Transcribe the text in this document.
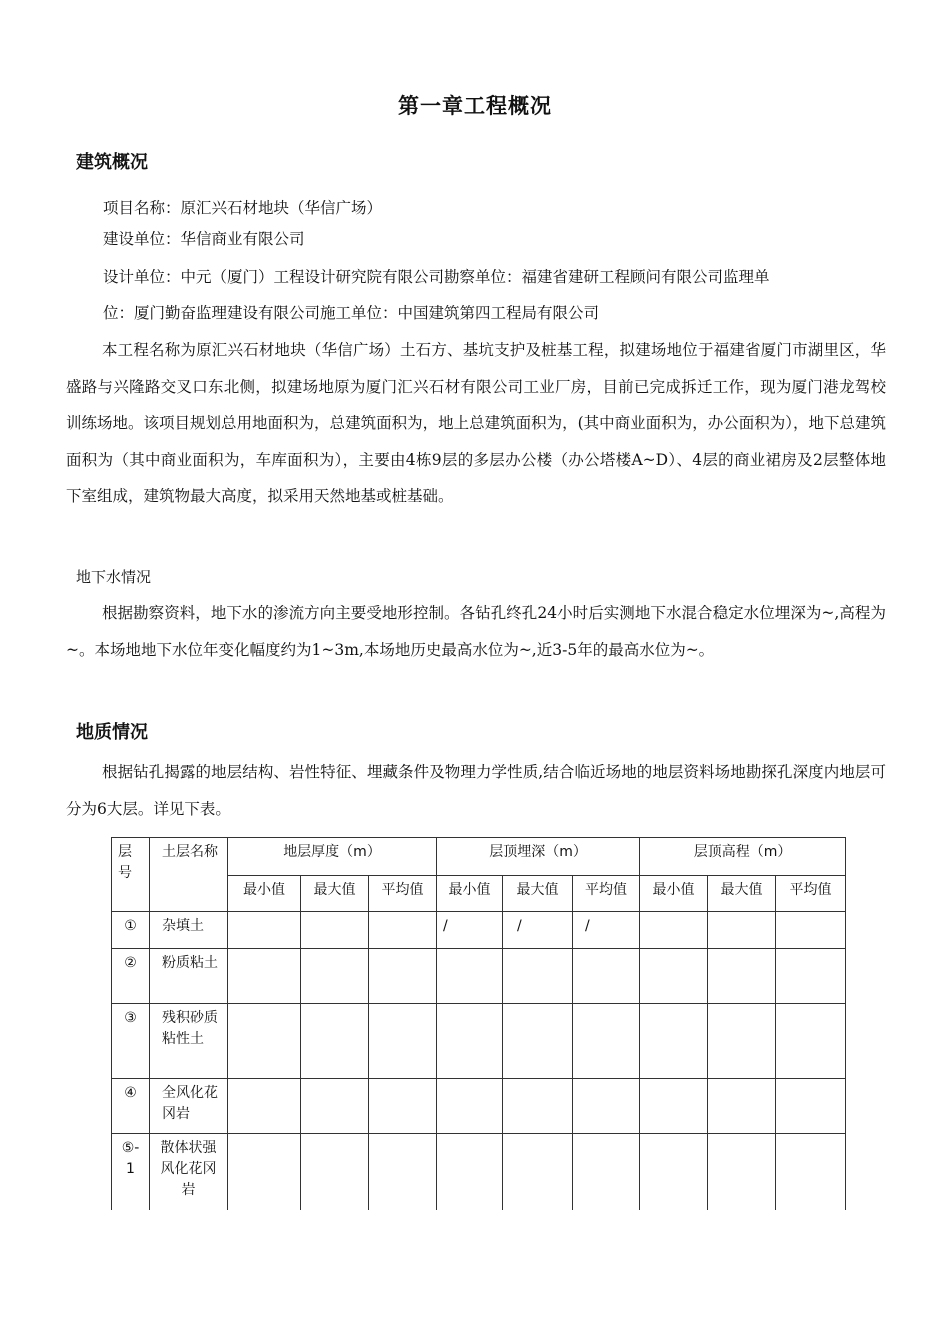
第一章工程概况
建筑概况
项目名称：原汇兴石材地块（华信广场）
建设单位：华信商业有限公司
设计单位：中元（厦门）工程设计研究院有限公司勘察单位：福建省建研工程顾问有限公司监理单
位：厦门勤奋监理建设有限公司施工单位：中国建筑第四工程局有限公司
本工程名称为原汇兴石材地块（华信广场）土石方、基坑支护及桩基工程，拟建场地位于福建省厦门市湖里区，华盛路与兴隆路交叉口东北侧，拟建场地原为厦门汇兴石材有限公司工业厂房，目前已完成拆迁工作，现为厦门港龙驾校训练场地。该项目规划总用地面积为，总建筑面积为，地上总建筑面积为，(其中商业面积为，办公面积为），地下总建筑面积为（其中商业面积为，车库面积为），主要由4栋9层的多层办公楼（办公塔楼A~D）、4层的商业裙房及2层整体地下室组成，建筑物最大高度，拟采用天然地基或桩基础。
地下水情况
根据勘察资料，地下水的渗流方向主要受地形控制。各钻孔终孔24小时后实测地下水混合稳定水位埋深为~,高程为~。本场地地下水位年变化幅度约为1~3m,本场地历史最高水位为~,近3-5年的最高水位为~。
地质情况
根据钻孔揭露的地层结构、岩性特征、埋藏条件及物理力学性质,结合临近场地的地层资料场地勘探孔深度内地层可分为6大层。详见下表。
层号	土层名称	地层厚度（m）			层顶埋深（m）			层顶高程（m）		
		最小值	最大值	平均值	最小值	最大值	平均值	最小值	最大值	平均值
①	杂填土				/	/	/			
②	粉质粘土									
③	残积砂质粘性土									
④	全风化花冈岩									
⑤-1	散体状强风化花冈岩									
